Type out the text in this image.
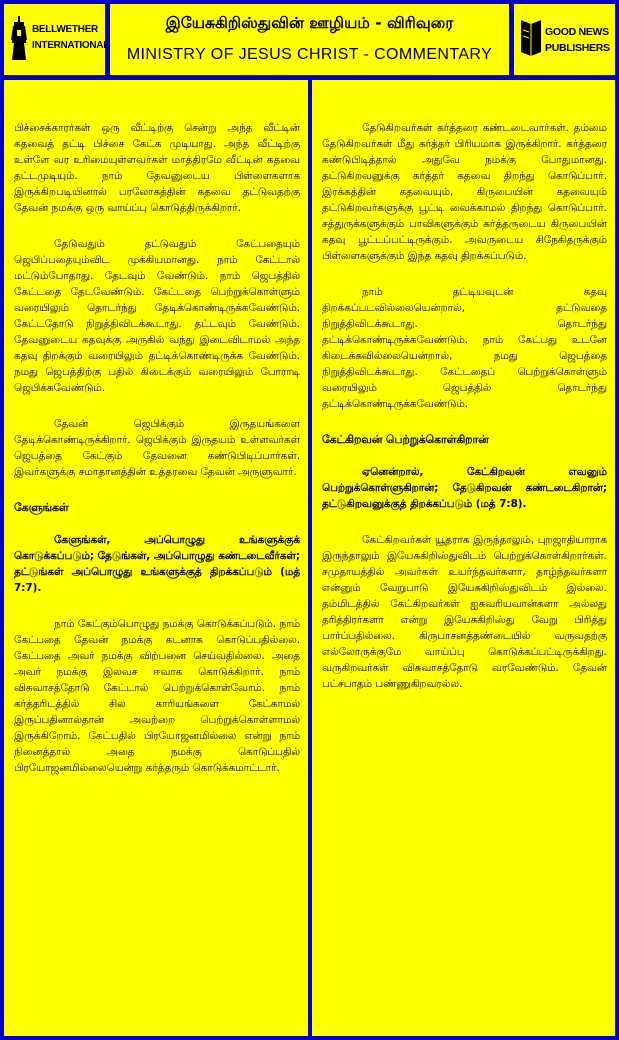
BELLWETHER
INTERNATIONAL
இயேசுகிறிஸ்துவின் ஊழியம் - விரிவுரை
MINISTRY OF JESUS CHRIST - COMMENTARY
GOOD NEWS
PUBLISHERS

பிச்சைக்காரர்கள் ஒரு வீட்டிற்கு சென்று அந்த வீட்டின் கதவைத் தட்டி பிச்சை கேட்க முடியாது. அந்த வீட்டிற்கு உள்ளே வர உரிமையுள்ளவர்கள் மாத்திரமே வீட்டின் கதவை தட்டமுடியும். நாம் தேவனுடைய பிள்ளைகளாக இருக்கிறபடியினால் பரலோகத்தின் கதவை தட்டுவதற்கு தேவன் நமக்கு ஒரு வாய்ப்பு கொடுத்திருக்கிறார்.

தேடுவதும் தட்டுவதும் கேட்பதையும் ஜெபிப்பதையும்விட முக்கியமானது. நாம் கேட்டால் மட்டும்போதாது. தேடவும் வேண்டும். நாம் ஜெபத்தில் கேட்டதை தேடவேண்டும். கேட்டதை பெற்றுக்கொள்ளும் வரையிலும் தொடர்ந்து தேடிக்கொண்டிருக்கவேண்டும். கேட்டதோடு நிறுத்திவிடக்கூடாது. தட்டவும் வேண்டும். தேவனுடைய கதவுக்கு அருகில் வந்து இடைவிடாமல் அந்த கதவு திறக்கும் வரையிலும் தட்டிக்கொண்டிருக்க வேண்டும். நமது ஜெபத்திற்கு பதில் கிடைக்கும் வரையிலும் போராடி ஜெபிக்கவேண்டும்.

தேவன் ஜெபிக்கும் இருதயங்களை தேடிக்கொண்டிருக்கிறார். ஜெபிக்கும் இருதயம் உள்ளவர்கள் ஜெபத்தை கேட்கும் தேவனை கண்டுபிடிப்பார்கள். இவர்களுக்கு சமாதானத்தின் உத்தரவை தேவன் அருளுவார்.

கேளுங்கள்

கேளுங்கள், அப்பொழுது உங்களுக்குக் கொடுக்கப்படும்; தேடுங்கள், அப்பொழுது கண்டடைவீர்கள்; தட்டுங்கள் அப்பொழுது உங்களுக்குத் திறக்கப்படும் (மத் 7:7).

நாம் கேட்கும்பொழுது நமக்கு கொடுக்கப்படும். நாம் கேட்பதை தேவன் நமக்கு கடனாக கொடுப்பதில்லை. கேட்பதை அவர் நமக்கு விற்பனை செய்வதில்லை. அதை அவர் நமக்கு இலவச ஈவாக கொடுக்கிறார். நாம் விசுவாசத்தோடு கேட்டால் பெற்றுக்கொள்வோம். நாம் கர்த்தரிடத்தில் சில காரியங்களை கேட்காமல் இருப்பதினால்தான் அவற்றை பெற்றுக்கொள்ளாமல் இருக்கிறோம். கேட்பதில் பிரயோஜனமில்லை என்று நாம் நினைத்தால் அதை நமக்கு கொடுப்பதில் பிரயோஜனமில்லையென்று கர்த்தரும் கொடுக்கமாட்டார்.

தேடுகிறவர்கள் கர்த்தரை கண்டடைவார்கள். தம்மை தேடுகிறவர்கள் மீது கர்த்தர் பிரியமாக இருக்கிறார். கர்த்தரை கண்டுபிடித்தால் அதுவே நமக்கு போதுமானது. தட்டுகிறவனுக்கு கர்த்தர் கதவை திறந்து கொடுப்பார். இரக்கத்தின் கதவையும், கிருபையின் கதவையும் தட்டுகிறவர்களுக்கு பூட்டி வைக்காமல் திறந்து கொடுப்பார். சத்துருக்களுக்கும் பாவிகளுக்கும் கர்த்தருடைய கிருபையின் கதவு பூட்டப்பட்டிருக்கும். அவருடைய சிநேகிதருக்கும் பிள்ளைகளுக்கும் இந்த கதவு திறக்கப்படும்.

நாம் தட்டியவுடன் கதவு திறக்கப்படவில்லையென்றால், தட்டுவதை நிறுத்திவிடக்கூடாது. தொடர்ந்து தட்டிக்கொண்டிருக்கவேண்டும். நாம் கேட்பது உடனே கிடைக்கவில்லையென்றால், நமது ஜெபத்தை நிறுத்திவிடக்கூடாது. கேட்டதைப் பெற்றுக்கொள்ளும் வரையிலும் ஜெபத்தில் தொடர்ந்து தட்டிக்கொண்டிருக்கவேண்டும்.

கேட்கிறவன் பெற்றுக்கொள்கிறான்

ஏனென்றால், கேட்கிறவன் எவனும் பெற்றுக்கொள்ளுகிறான்; தேடுகிறவன் கண்டடைகிறான்; தட்டுகிறவனுக்குத் திறக்கப்படும் (மத் 7:8).

கேட்கிறவர்கள் யூதராக இருந்தாலும், புறஜாதியாராக இருந்தாலும் இயேசுகிறிஸ்துவிடம் பெற்றுக்கொள்கிறார்கள். சமுதாயத்தில் அவர்கள் உயர்ந்தவர்களா, தாழ்ந்தவர்களா என்னும் வேறுபாடு இயேசுகிறிஸ்துவிடம் இல்லை. தம்மிடத்தில் கேட்கிறவர்கள் ஐசுவரியவான்களா அல்லது தரித்திரர்களா என்று இயேசுகிறிஸ்து வேறு பிரித்து பார்ப்பதில்லை. கிருபாசனத்தண்டையில் வருவதற்கு எல்லோருக்குமே வாய்ப்பு கொடுக்கப்பட்டிருக்கிறது. வருகிறவர்கள் விசுவாசத்தோடு வரவேண்டும். தேவன் பட்சபாதம் பண்ணுகிறவரல்ல.
